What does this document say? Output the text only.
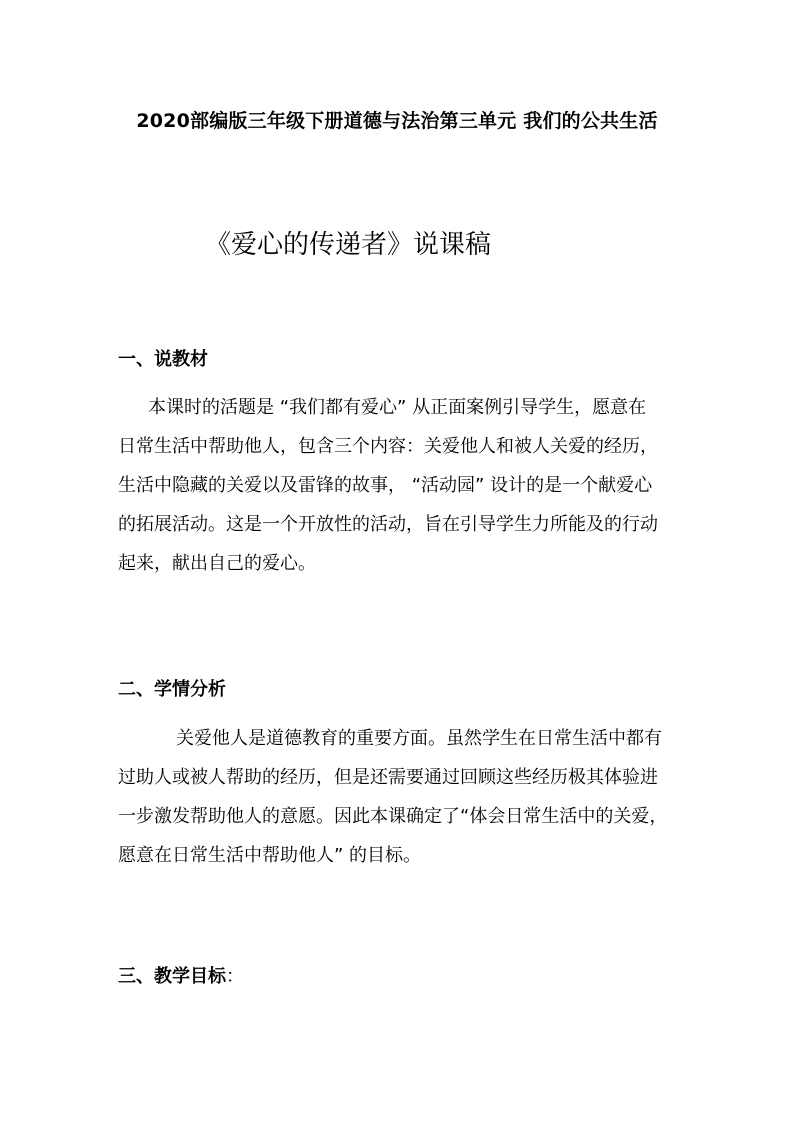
2020部编版三年级下册道德与法治第三单元 我们的公共生活
《爱心的传递者》说课稿
一、说教材
本课时的活题是 “我们都有爱心” 从正面案例引导学生，愿意在
日常生活中帮助他人，包含三个内容：关爱他人和被人关爱的经历，
生活中隐藏的关爱以及雷锋的故事， “活动园” 设计的是一个献爱心
的拓展活动。这是一个开放性的活动，旨在引导学生力所能及的行动
起来，献出自己的爱心。
二、学情分析
关爱他人是道德教育的重要方面。虽然学生在日常生活中都有
过助人或被人帮助的经历，但是还需要通过回顾这些经历极其体验进
一步激发帮助他人的意愿。因此本课确定了“体会日常生活中的关爱，
愿意在日常生活中帮助他人” 的目标。
三、教学目标：
